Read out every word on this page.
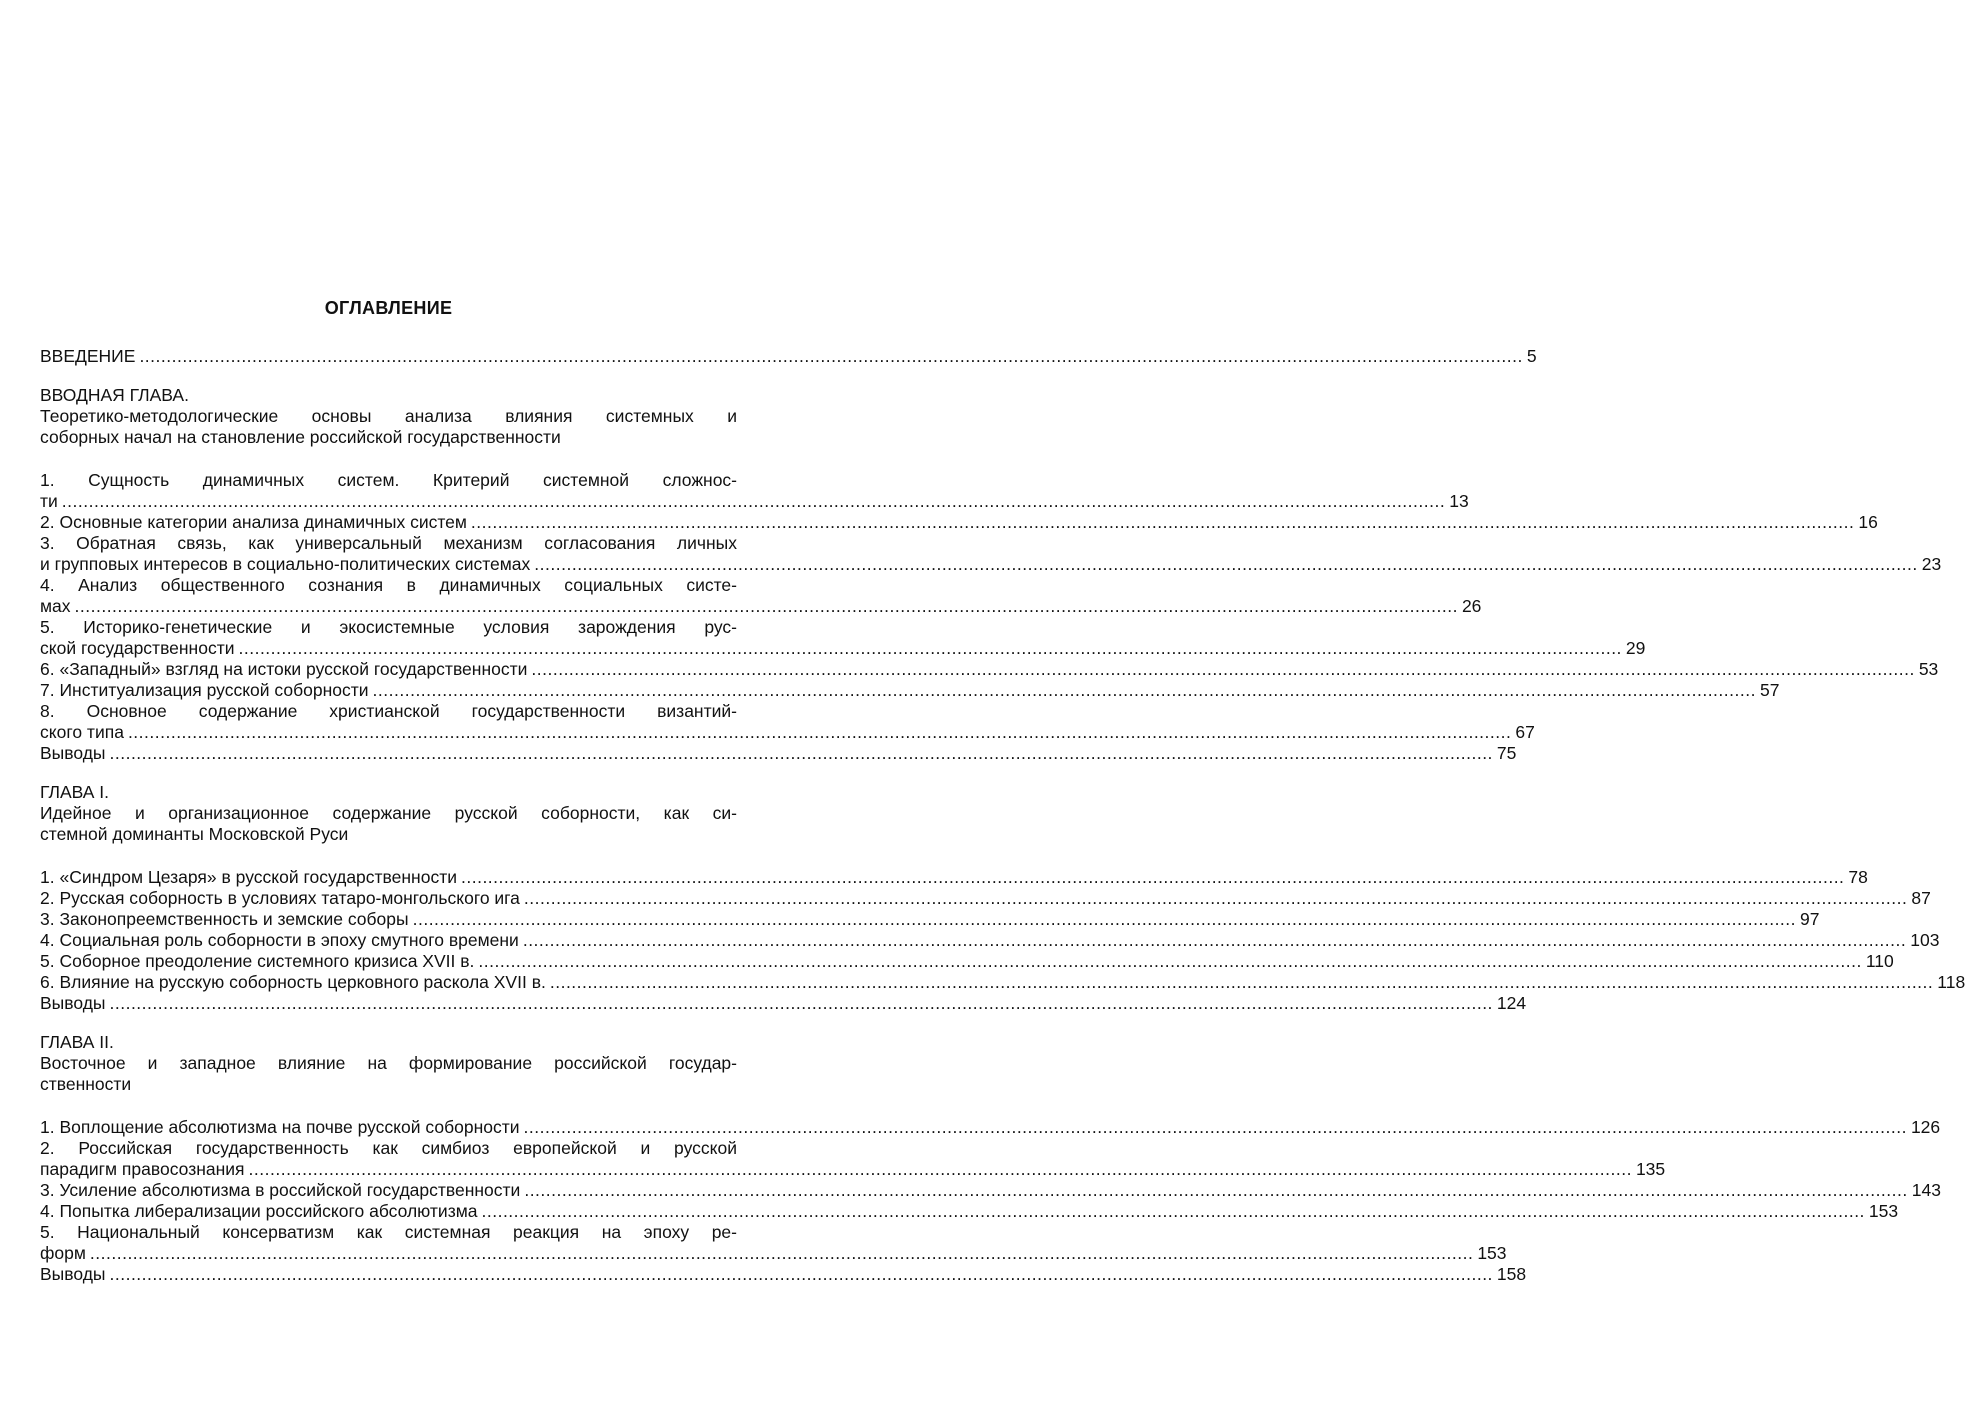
ОГЛАВЛЕНИЕ
ВВЕДЕНИЕ .....	5
ВВОДНАЯ ГЛАВА.
Теоретико-методологические основы анализа влияния системных и
соборных начал на становление российской государственности
1. Сущность динамичных систем. Критерий системной сложнос-
ти .....	13
2. Основные категории анализа динамичных систем .....	16
3. Обратная связь, как универсальный механизм согласования личных
и групповых интересов в социально-политических системах .....	23
4. Анализ общественного сознания в динамичных социальных систе-
мах .....	26
5. Историко-генетические и экосистемные условия зарождения рус-
ской государственности .....	29
6. «Западный» взгляд на истоки русской государственности .....	53
7. Институализация русской соборности .....	57
8. Основное содержание христианской государственности византий-
ского типа .....	67
Выводы .....	75
ГЛАВА I.
Идейное и организационное содержание русской соборности, как си-
стемной доминанты Московской Руси
1. «Синдром Цезаря» в русской государственности .....	78
2. Русская соборность в условиях татаро-монгольского ига .....	87
3. Законопреемственность и земские соборы .....	97
4. Социальная роль соборности в эпоху смутного времени .....	103
5. Соборное преодоление системного кризиса XVII в. .....	110
6. Влияние на русскую соборность церковного раскола XVII в. .....	118
Выводы .....	124
ГЛАВА II.
Восточное и западное влияние на формирование российской государ-
ственности
1. Воплощение абсолютизма на почве русской соборности .....	126
2. Российская государственность как симбиоз европейской и русской
парадигм правосознания .....	135
3. Усиление абсолютизма в российской государственности .....	143
4. Попытка либерализации российского абсолютизма .....	153
5. Национальный консерватизм как системная реакция на эпоху ре-
форм .....	153
Выводы .....	158
